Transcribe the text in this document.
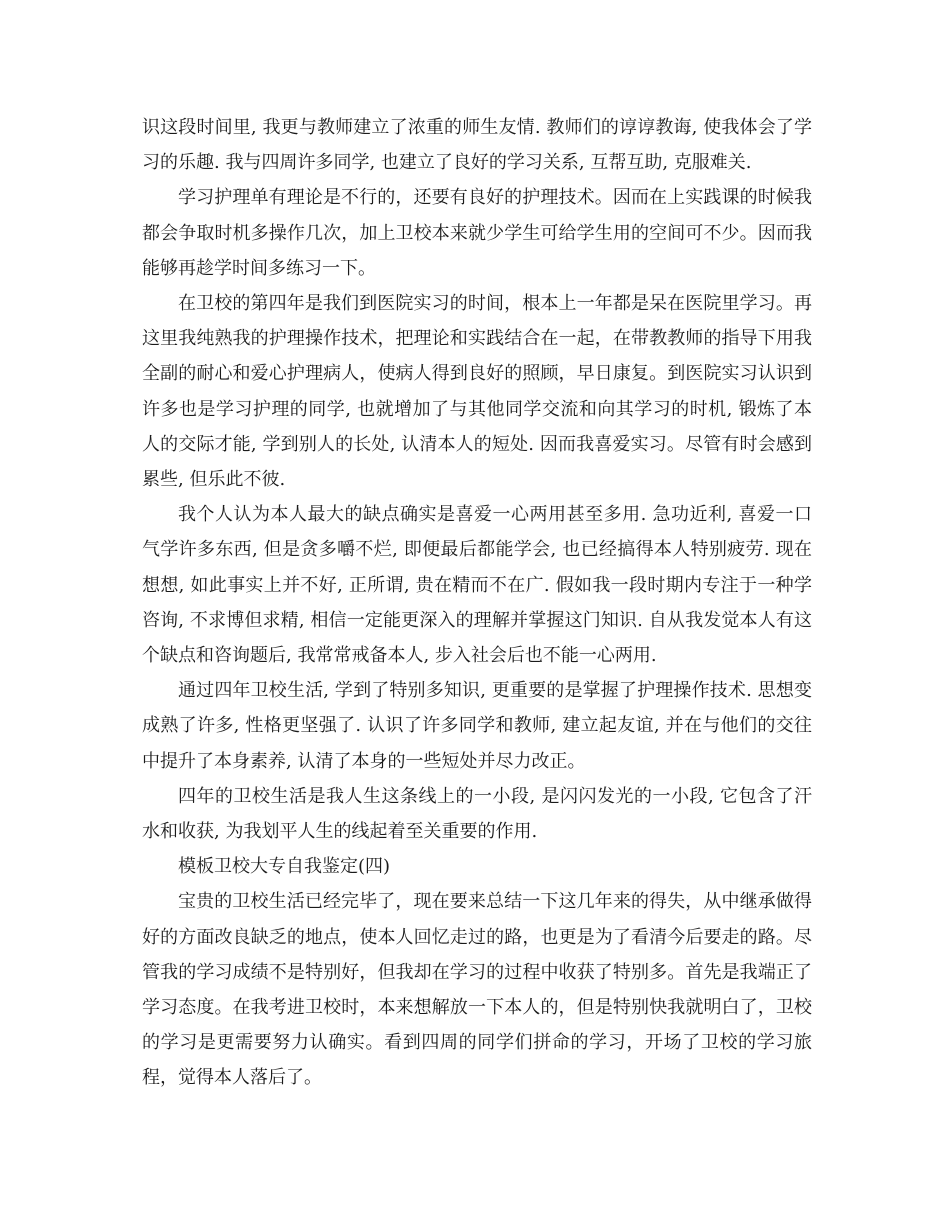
识这段时间里, 我更与教师建立了浓重的师生友情. 教师们的谆谆教诲, 使我体会了学习的乐趣. 我与四周许多同学, 也建立了良好的学习关系, 互帮互助, 克服难关.

学习护理单有理论是不行的，还要有良好的护理技术。因而在上实践课的时候我都会争取时机多操作几次，加上卫校本来就少学生可给学生用的空间可不少。因而我能够再趁学时间多练习一下。

在卫校的第四年是我们到医院实习的时间，根本上一年都是呆在医院里学习。再这里我纯熟我的护理操作技术，把理论和实践结合在一起，在带教教师的指导下用我全副的耐心和爱心护理病人，使病人得到良好的照顾，早日康复。到医院实习认识到许多也是学习护理的同学, 也就增加了与其他同学交流和向其学习的时机, 锻炼了本人的交际才能, 学到别人的长处, 认清本人的短处. 因而我喜爱实习。尽管有时会感到累些, 但乐此不彼.

我个人认为本人最大的缺点确实是喜爱一心两用甚至多用. 急功近利, 喜爱一口气学许多东西, 但是贪多嚼不烂, 即便最后都能学会, 也已经搞得本人特别疲劳. 现在想想, 如此事实上并不好, 正所谓, 贵在精而不在广. 假如我一段时期内专注于一种学咨询, 不求博但求精, 相信一定能更深入的理解并掌握这门知识. 自从我发觉本人有这个缺点和咨询题后, 我常常戒备本人, 步入社会后也不能一心两用.

通过四年卫校生活, 学到了特别多知识, 更重要的是掌握了护理操作技术. 思想变成熟了许多, 性格更坚强了. 认识了许多同学和教师, 建立起友谊, 并在与他们的交往中提升了本身素养, 认清了本身的一些短处并尽力改正。

四年的卫校生活是我人生这条线上的一小段, 是闪闪发光的一小段, 它包含了汗水和收获, 为我划平人生的线起着至关重要的作用.

模板卫校大专自我鉴定(四)

宝贵的卫校生活已经完毕了，现在要来总结一下这几年来的得失，从中继承做得好的方面改良缺乏的地点，使本人回忆走过的路，也更是为了看清今后要走的路。尽管我的学习成绩不是特别好，但我却在学习的过程中收获了特别多。首先是我端正了学习态度。在我考进卫校时，本来想解放一下本人的，但是特别快我就明白了，卫校的学习是更需要努力认确实。看到四周的同学们拼命的学习，开场了卫校的学习旅程，觉得本人落后了。
